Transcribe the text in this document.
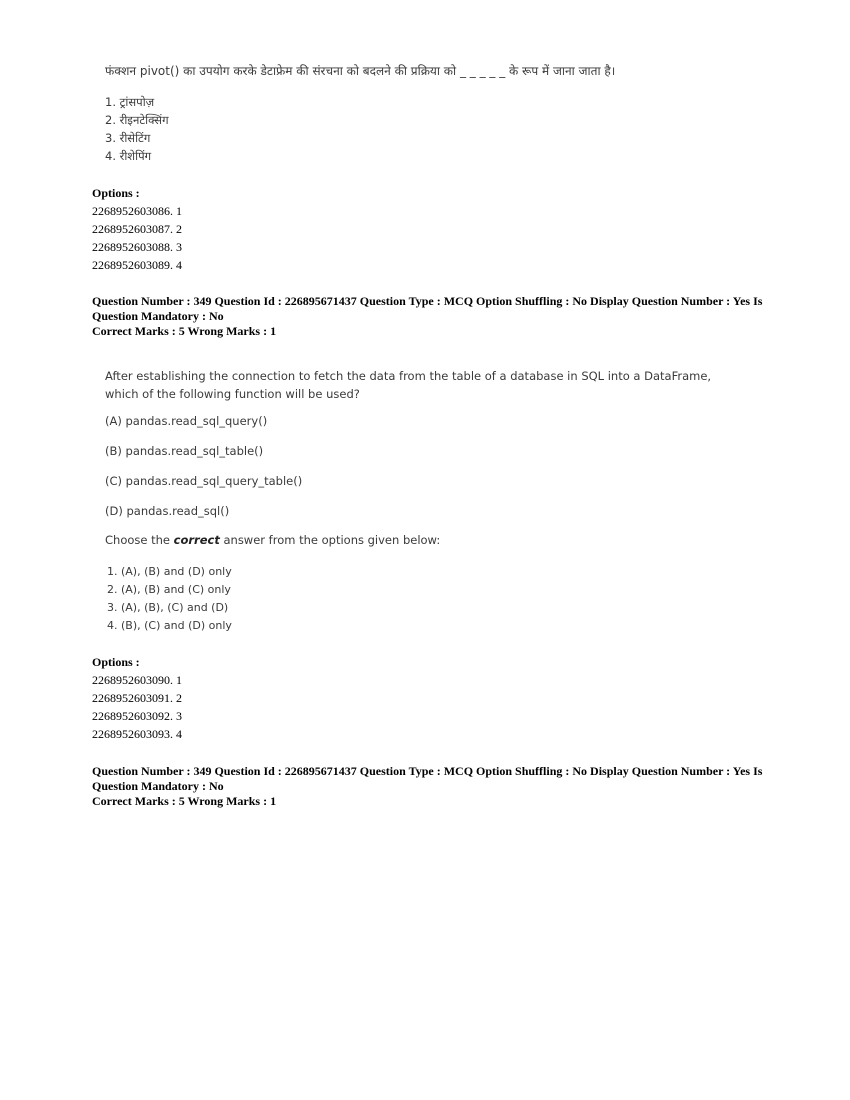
फंक्शन pivot() का उपयोग करके डेटाफ्रेम की संरचना को बदलने की प्रक्रिया को _ _ _ _ _ के रूप में जाना जाता है।
1. ट्रांसपोज़
2. रीइनटेक्सिंग
3. रीसेटिंग
4. रीशेपिंग
Options :
2268952603086. 1
2268952603087. 2
2268952603088. 3
2268952603089. 4
Question Number : 349 Question Id : 226895671437 Question Type : MCQ Option Shuffling : No Display Question Number : Yes Is
Question Mandatory : No
Correct Marks : 5 Wrong Marks : 1
After establishing the connection to fetch the data from the table of a database in SQL into a DataFrame, which of the following function will be used?
(A) pandas.read_sql_query()
(B) pandas.read_sql_table()
(C) pandas.read_sql_query_table()
(D) pandas.read_sql()
Choose the correct answer from the options given below:
1. (A), (B) and (D) only
2. (A), (B) and (C) only
3. (A), (B), (C) and (D)
4. (B), (C) and (D) only
Options :
2268952603090. 1
2268952603091. 2
2268952603092. 3
2268952603093. 4
Question Number : 349 Question Id : 226895671437 Question Type : MCQ Option Shuffling : No Display Question Number : Yes Is
Question Mandatory : No
Correct Marks : 5 Wrong Marks : 1
